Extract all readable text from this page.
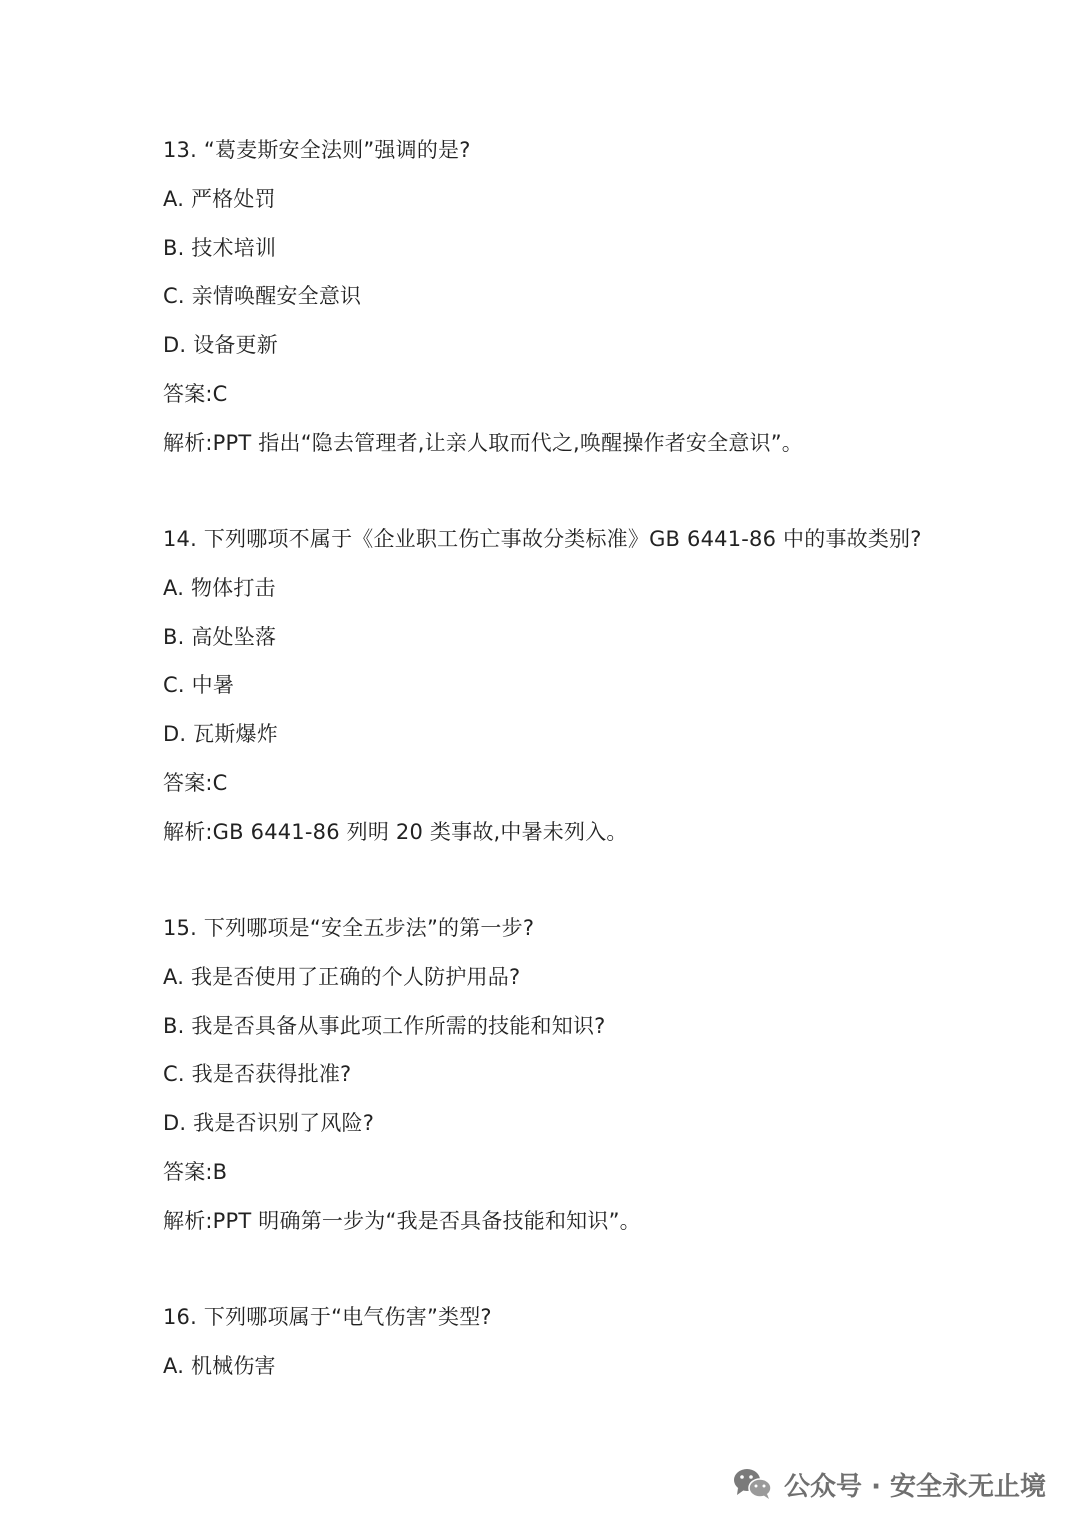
13. “葛麦斯安全法则”强调的是?
A. 严格处罚
B. 技术培训
C. 亲情唤醒安全意识
D. 设备更新
答案:C
解析:PPT 指出“隐去管理者,让亲人取而代之,唤醒操作者安全意识”。
14. 下列哪项不属于《企业职工伤亡事故分类标准》GB 6441-86 中的事故类别?
A. 物体打击
B. 高处坠落
C. 中暑
D. 瓦斯爆炸
答案:C
解析:GB 6441-86 列明 20 类事故,中暑未列入。
15. 下列哪项是“安全五步法”的第一步?
A. 我是否使用了正确的个人防护用品?
B. 我是否具备从事此项工作所需的技能和知识?
C. 我是否获得批准?
D. 我是否识别了风险?
答案:B
解析:PPT 明确第一步为“我是否具备技能和知识”。
16. 下列哪项属于“电气伤害”类型?
A. 机械伤害
公众号 · 安全永无止境
